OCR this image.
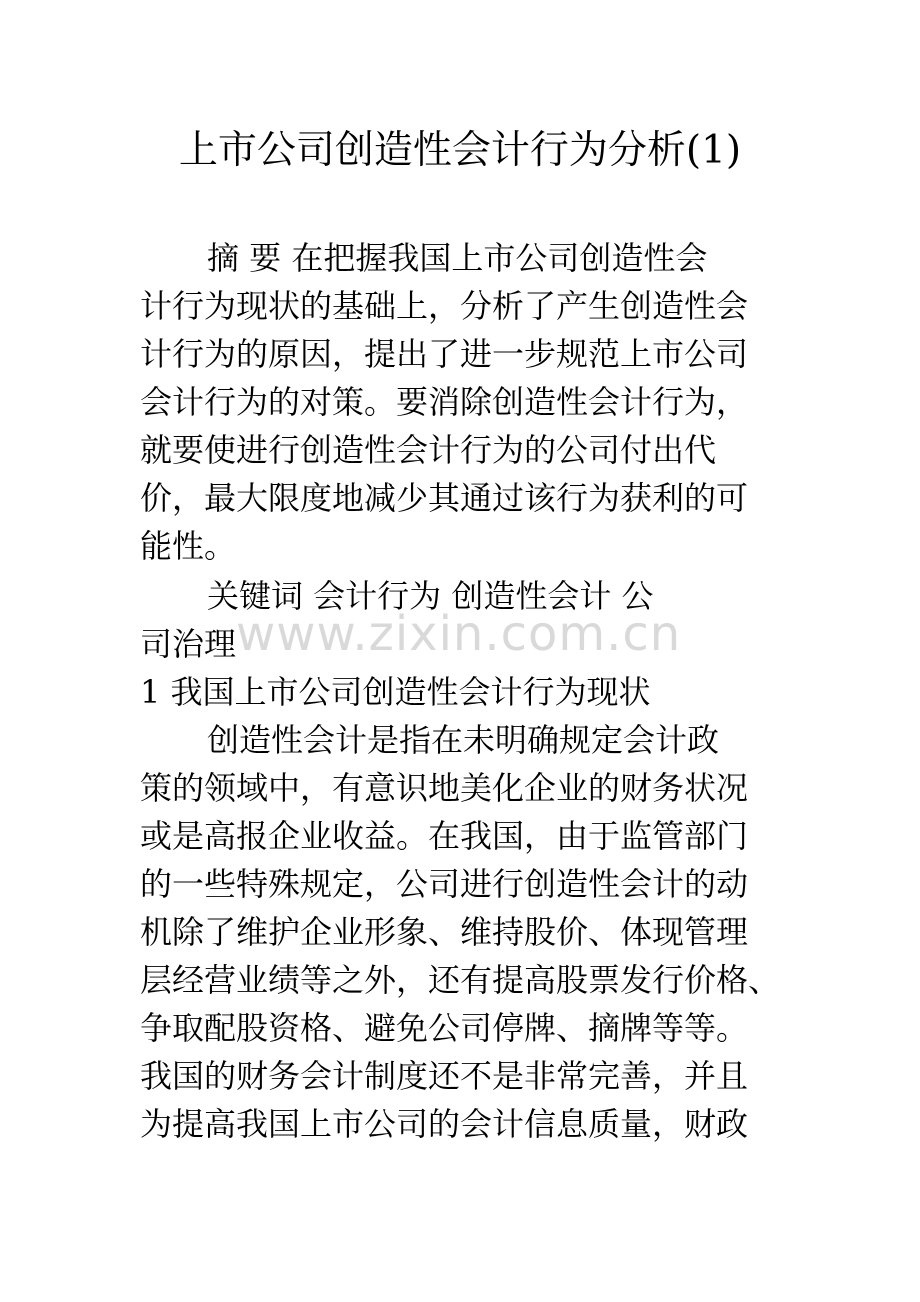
上市公司创造性会计行为分析(1)
摘 要 在把握我国上市公司创造性会
计行为现状的基础上，分析了产生创造性会
计行为的原因，提出了进一步规范上市公司
会计行为的对策。要消除创造性会计行为，
就要使进行创造性会计行为的公司付出代
价，最大限度地减少其通过该行为获利的可
能性。
关键词 会计行为 创造性会计 公
司治理 www.zixin.com.cn
1 我国上市公司创造性会计行为现状
创造性会计是指在未明确规定会计政
策的领域中，有意识地美化企业的财务状况
或是高报企业收益。在我国，由于监管部门
的一些特殊规定，公司进行创造性会计的动
机除了维护企业形象、维持股价、体现管理
层经营业绩等之外，还有提高股票发行价格、
争取配股资格、避免公司停牌、摘牌等等。
我国的财务会计制度还不是非常完善，并且
为提高我国上市公司的会计信息质量，财政
